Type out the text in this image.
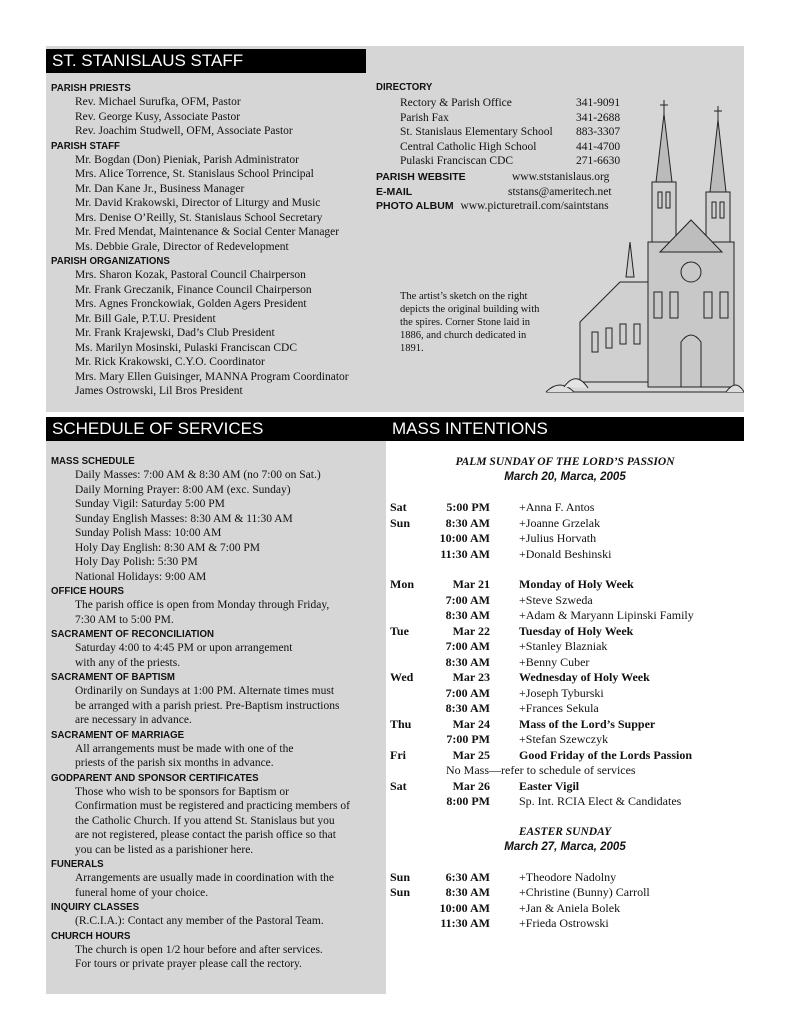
ST. STANISLAUS STAFF
PARISH PRIESTS
Rev. Michael Surufka, OFM, Pastor
Rev. George Kusy, Associate Pastor
Rev. Joachim Studwell, OFM, Associate Pastor
PARISH STAFF
Mr. Bogdan (Don) Pieniak, Parish Administrator
Mrs. Alice Torrence, St. Stanislaus School Principal
Mr. Dan Kane Jr., Business Manager
Mr. David Krakowski, Director of Liturgy and Music
Mrs. Denise O’Reilly, St. Stanislaus School Secretary
Mr. Fred Mendat, Maintenance & Social Center Manager
Ms. Debbie Grale, Director of Redevelopment
PARISH ORGANIZATIONS
Mrs. Sharon Kozak, Pastoral Council Chairperson
Mr. Frank Greczanik, Finance Council Chairperson
Mrs. Agnes Fronckowiak, Golden Agers President
Mr. Bill Gale, P.T.U. President
Mr. Frank Krajewski, Dad’s Club President
Ms. Marilyn Mosinski, Pulaski Franciscan CDC
Mr. Rick Krakowski, C.Y.O. Coordinator
Mrs. Mary Ellen Guisinger, MANNA Program Coordinator
James Ostrowski, Lil Bros President
DIRECTORY
Rectory & Parish Office	341-9091
Parish Fax	341-2688
St. Stanislaus Elementary School 883-3307
Central Catholic High School	441-4700
Pulaski Franciscan CDC	271-6630
PARISH WEBSITE	www.ststanislaus.org
E-MAIL	ststans@ameritech.net
PHOTO ALBUM www.picturetrail.com/saintstans
The artist’s sketch on the right depicts the original building with the spires. Corner Stone laid in 1886, and church dedicated in 1891.
SCHEDULE OF SERVICES
MASS SCHEDULE
Daily Masses: 7:00 AM & 8:30 AM (no 7:00 on Sat.)
Daily Morning Prayer: 8:00 AM (exc. Sunday)
Sunday Vigil: Saturday 5:00 PM
Sunday English Masses: 8:30 AM & 11:30 AM
Sunday Polish Mass: 10:00 AM
Holy Day English: 8:30 AM & 7:00 PM
Holy Day Polish: 5:30 PM
National Holidays: 9:00 AM
OFFICE HOURS
The parish office is open from Monday through Friday,
7:30 AM to 5:00 PM.
SACRAMENT OF RECONCILIATION
Saturday 4:00 to 4:45 PM or upon arrangement
with any of the priests.
SACRAMENT OF BAPTISM
Ordinarily on Sundays at 1:00 PM. Alternate times must
be arranged with a parish priest. Pre-Baptism instructions
are necessary in advance.
SACRAMENT OF MARRIAGE
All arrangements must be made with one of the
priests of the parish six months in advance.
GODPARENT AND SPONSOR CERTIFICATES
Those who wish to be sponsors for Baptism or
Confirmation must be registered and practicing members of
the Catholic Church. If you attend St. Stanislaus but you
are not registered, please contact the parish office so that
you can be listed as a parishioner here.
FUNERALS
Arrangements are usually made in coordination with the
funeral home of your choice.
INQUIRY CLASSES
(R.C.I.A.): Contact any member of the Pastoral Team.
CHURCH HOURS
The church is open 1/2 hour before and after services.
For tours or private prayer please call the rectory.
MASS INTENTIONS
PALM SUNDAY OF THE LORD’S PASSION
March 20, Marca, 2005
Sat	5:00 PM +Anna F. Antos
Sun	8:30 AM +Joanne Grzelak
10:00 AM +Julius Horvath
11:30 AM +Donald Beshinski
Mon	Mar 21 Monday of Holy Week
7:00 AM +Steve Szweda
8:30 AM +Adam & Maryann Lipinski Family
Tue	Mar 22 Tuesday of Holy Week
7:00 AM +Stanley Blazniak
8:30 AM +Benny Cuber
Wed	Mar 23 Wednesday of Holy Week
7:00 AM +Joseph Tyburski
8:30 AM +Frances Sekula
Thu	Mar 24 Mass of the Lord’s Supper
7:00 PM +Stefan Szewczyk
Fri	Mar 25 Good Friday of the Lords Passion
No Mass—refer to schedule of services
Sat	Mar 26 Easter Vigil
8:00 PM Sp. Int. RCIA Elect & Candidates
EASTER SUNDAY
March 27, Marca, 2005
Sun	6:30 AM +Theodore Nadolny
Sun	8:30 AM +Christine (Bunny) Carroll
10:00 AM +Jan & Aniela Bolek
11:30 AM +Frieda Ostrowski
